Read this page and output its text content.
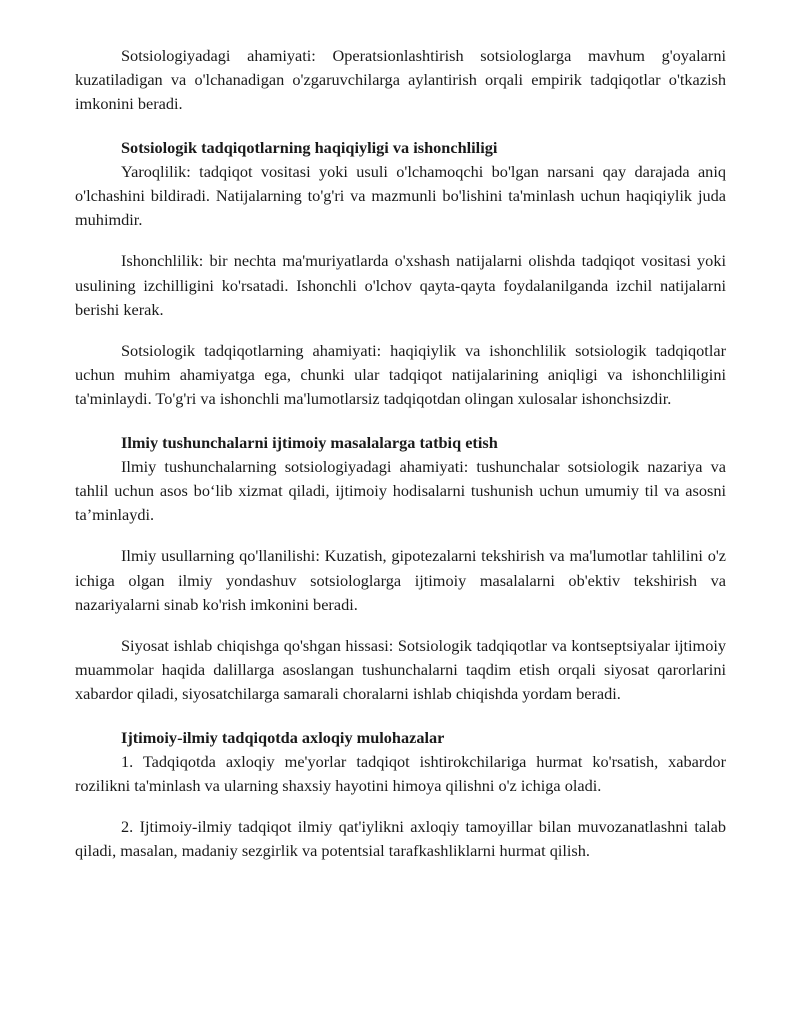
Sotsiologiyadagi ahamiyati: Operatsionlashtirish sotsiologlarga mavhum g'oyalarni kuzatiladigan va o'lchanadigan o'zgaruvchilarga aylantirish orqali empirik tadqiqotlar o'tkazish imkonini beradi.

Sotsiologik tadqiqotlarning haqiqiyligi va ishonchliligi

Yaroqlilik: tadqiqot vositasi yoki usuli o'lchamoqchi bo'lgan narsani qay darajada aniq o'lchashini bildiradi. Natijalarning to'g'ri va mazmunli bo'lishini ta'minlash uchun haqiqiylik juda muhimdir.

Ishonchlilik: bir nechta ma'muriyatlarda o'xshash natijalarni olishda tadqiqot vositasi yoki usulining izchilligini ko'rsatadi. Ishonchli o'lchov qayta-qayta foydalanilganda izchil natijalarni berishi kerak.

Sotsiologik tadqiqotlarning ahamiyati: haqiqiylik va ishonchlilik sotsiologik tadqiqotlar uchun muhim ahamiyatga ega, chunki ular tadqiqot natijalarining aniqligi va ishonchliligini ta'minlaydi. To'g'ri va ishonchli ma'lumotlarsiz tadqiqotdan olingan xulosalar ishonchsizdir.

Ilmiy tushunchalarni ijtimoiy masalalarga tatbiq etish

Ilmiy tushunchalarning sotsiologiyadagi ahamiyati: tushunchalar sotsiologik nazariya va tahlil uchun asos bo‘lib xizmat qiladi, ijtimoiy hodisalarni tushunish uchun umumiy til va asosni ta’minlaydi.

Ilmiy usullarning qo'llanilishi: Kuzatish, gipotezalarni tekshirish va ma'lumotlar tahlilini o'z ichiga olgan ilmiy yondashuv sotsiologlarga ijtimoiy masalalarni ob'ektiv tekshirish va nazariyalarni sinab ko'rish imkonini beradi.

Siyosat ishlab chiqishga qo'shgan hissasi: Sotsiologik tadqiqotlar va kontseptsiyalar ijtimoiy muammolar haqida dalillarga asoslangan tushunchalarni taqdim etish orqali siyosat qarorlarini xabardor qiladi, siyosatchilarga samarali choralarni ishlab chiqishda yordam beradi.

Ijtimoiy-ilmiy tadqiqotda axloqiy mulohazalar

1. Tadqiqotda axloqiy me'yorlar tadqiqot ishtirokchilariga hurmat ko'rsatish, xabardor rozilikni ta'minlash va ularning shaxsiy hayotini himoya qilishni o'z ichiga oladi.

2. Ijtimoiy-ilmiy tadqiqot ilmiy qat'iylikni axloqiy tamoyillar bilan muvozanatlashni talab qiladi, masalan, madaniy sezgirlik va potentsial tarafkashliklarni hurmat qilish.
